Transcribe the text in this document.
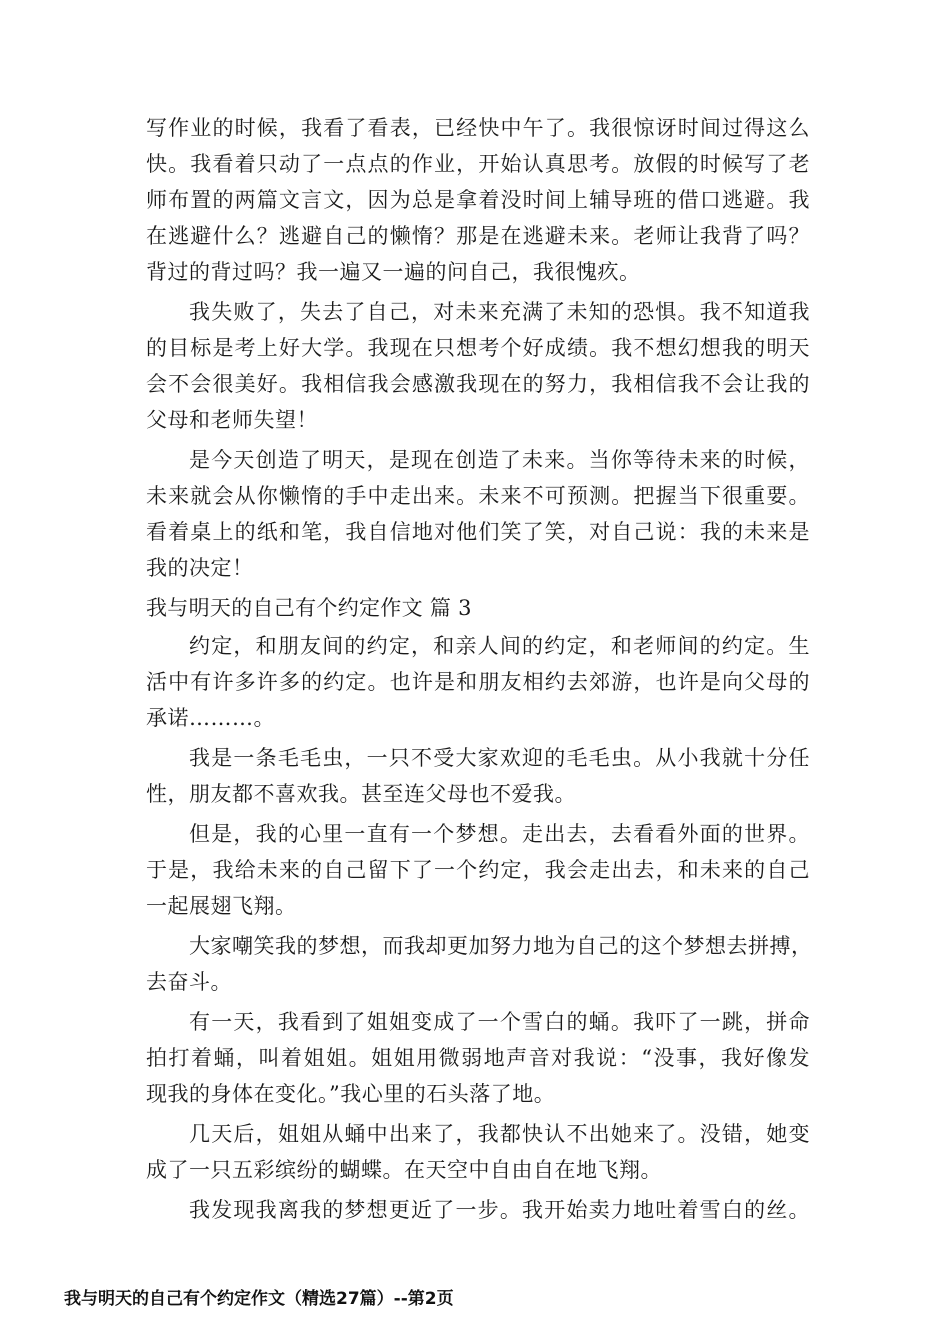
写作业的时候，我看了看表，已经快中午了。我很惊讶时间过得这么
快。我看着只动了一点点的作业，开始认真思考。放假的时候写了老
师布置的两篇文言文，因为总是拿着没时间上辅导班的借口逃避。我
在逃避什么？逃避自己的懒惰？那是在逃避未来。老师让我背了吗？
背过的背过吗？我一遍又一遍的问自己，我很愧疚。
我失败了，失去了自己，对未来充满了未知的恐惧。我不知道我
的目标是考上好大学。我现在只想考个好成绩。我不想幻想我的明天
会不会很美好。我相信我会感激我现在的努力，我相信我不会让我的
父母和老师失望！
是今天创造了明天，是现在创造了未来。当你等待未来的时候，
未来就会从你懒惰的手中走出来。未来不可预测。把握当下很重要。
看着桌上的纸和笔，我自信地对他们笑了笑，对自己说：我的未来是
我的决定！
我与明天的自己有个约定作文 篇 3
约定，和朋友间的约定，和亲人间的约定，和老师间的约定。生
活中有许多许多的约定。也许是和朋友相约去郊游，也许是向父母的
承诺………。
我是一条毛毛虫，一只不受大家欢迎的毛毛虫。从小我就十分任
性，朋友都不喜欢我。甚至连父母也不爱我。
但是，我的心里一直有一个梦想。走出去，去看看外面的世界。
于是，我给未来的自己留下了一个约定，我会走出去，和未来的自己
一起展翅飞翔。
大家嘲笑我的梦想，而我却更加努力地为自己的这个梦想去拼搏，
去奋斗。
有一天，我看到了姐姐变成了一个雪白的蛹。我吓了一跳，拼命
拍打着蛹，叫着姐姐。姐姐用微弱地声音对我说：“没事，我好像发
现我的身体在变化。”我心里的石头落了地。
几天后，姐姐从蛹中出来了，我都快认不出她来了。没错，她变
成了一只五彩缤纷的蝴蝶。在天空中自由自在地飞翔。
我发现我离我的梦想更近了一步。我开始卖力地吐着雪白的丝。
我与明天的自己有个约定作文（精选27篇）--第2页
